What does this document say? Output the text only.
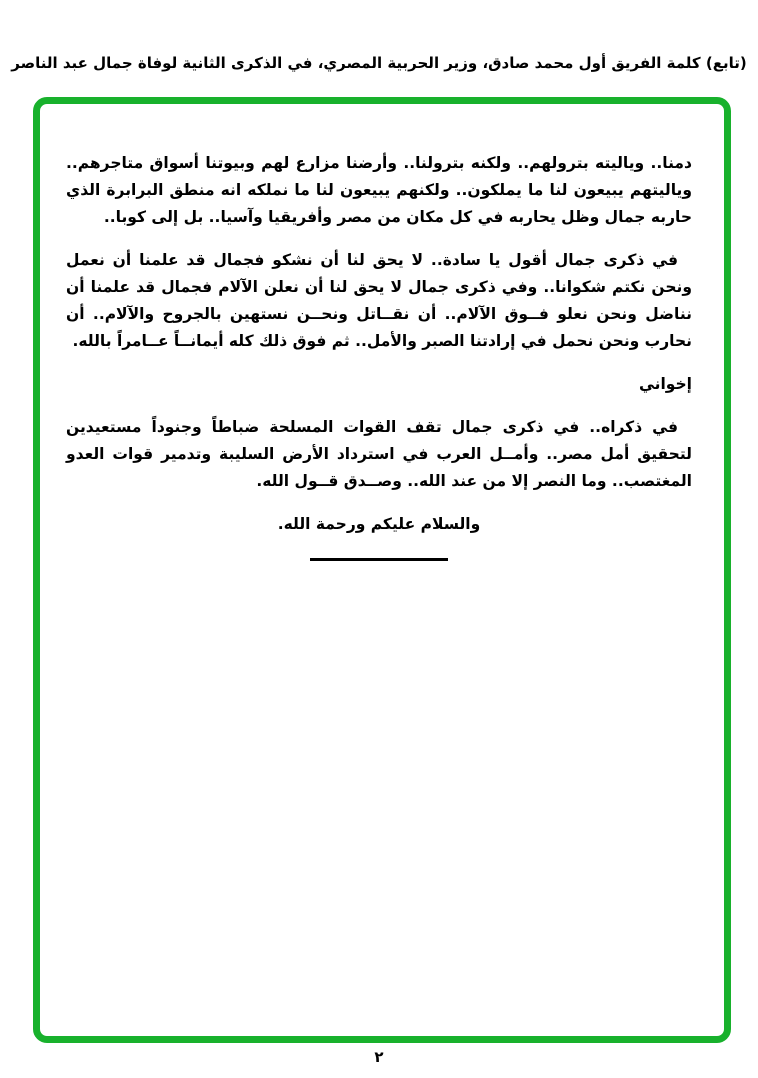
(تابع) كلمة الفريق أول محمد صادق، وزير الحربية المصري، في الذكرى الثانية لوفاة جمال عبد الناصر

دمنا.. وياليته بترولهم.. ولكنه بترولنا.. وأرضنا مزارع لهم وبيوتنا أسواق متاجرهم.. وياليتهم يبيعون لنا ما يملكون.. ولكنهم يبيعون لنا ما نملكه انه منطق البرابرة الذي حاربه جمال وظل يحاربه في كل مكان من مصر وأفريقيا وآسيا.. بل إلى كوبا..

في ذكرى جمال أقول يا سادة.. لا يحق لنا أن نشكو فجمال قد علمنا أن نعمل ونحن نكتم شكوانا.. وفي ذكرى جمال لا يحق لنا أن نعلن الآلام فجمال قد علمنا أن نناضل ونحن نعلو فــوق الآلام.. أن نقــاتل ونحــن نستهين بالجروح والآلام.. أن نحارب ونحن نحمل في إرادتنا الصبر والأمل.. ثم فوق ذلك كله أيمانــاً عــامراً بالله.

إخواني

في ذكراه.. في ذكرى جمال تقف القوات المسلحة ضباطاً وجنوداً مستعيدين لتحقيق أمل مصر.. وأمــل العرب في استرداد الأرض السليبة وتدمير قوات العدو المغتصب.. وما النصر إلا من عند الله.. وصــدق قــول الله.

والسلام عليكم ورحمة الله.

٢
